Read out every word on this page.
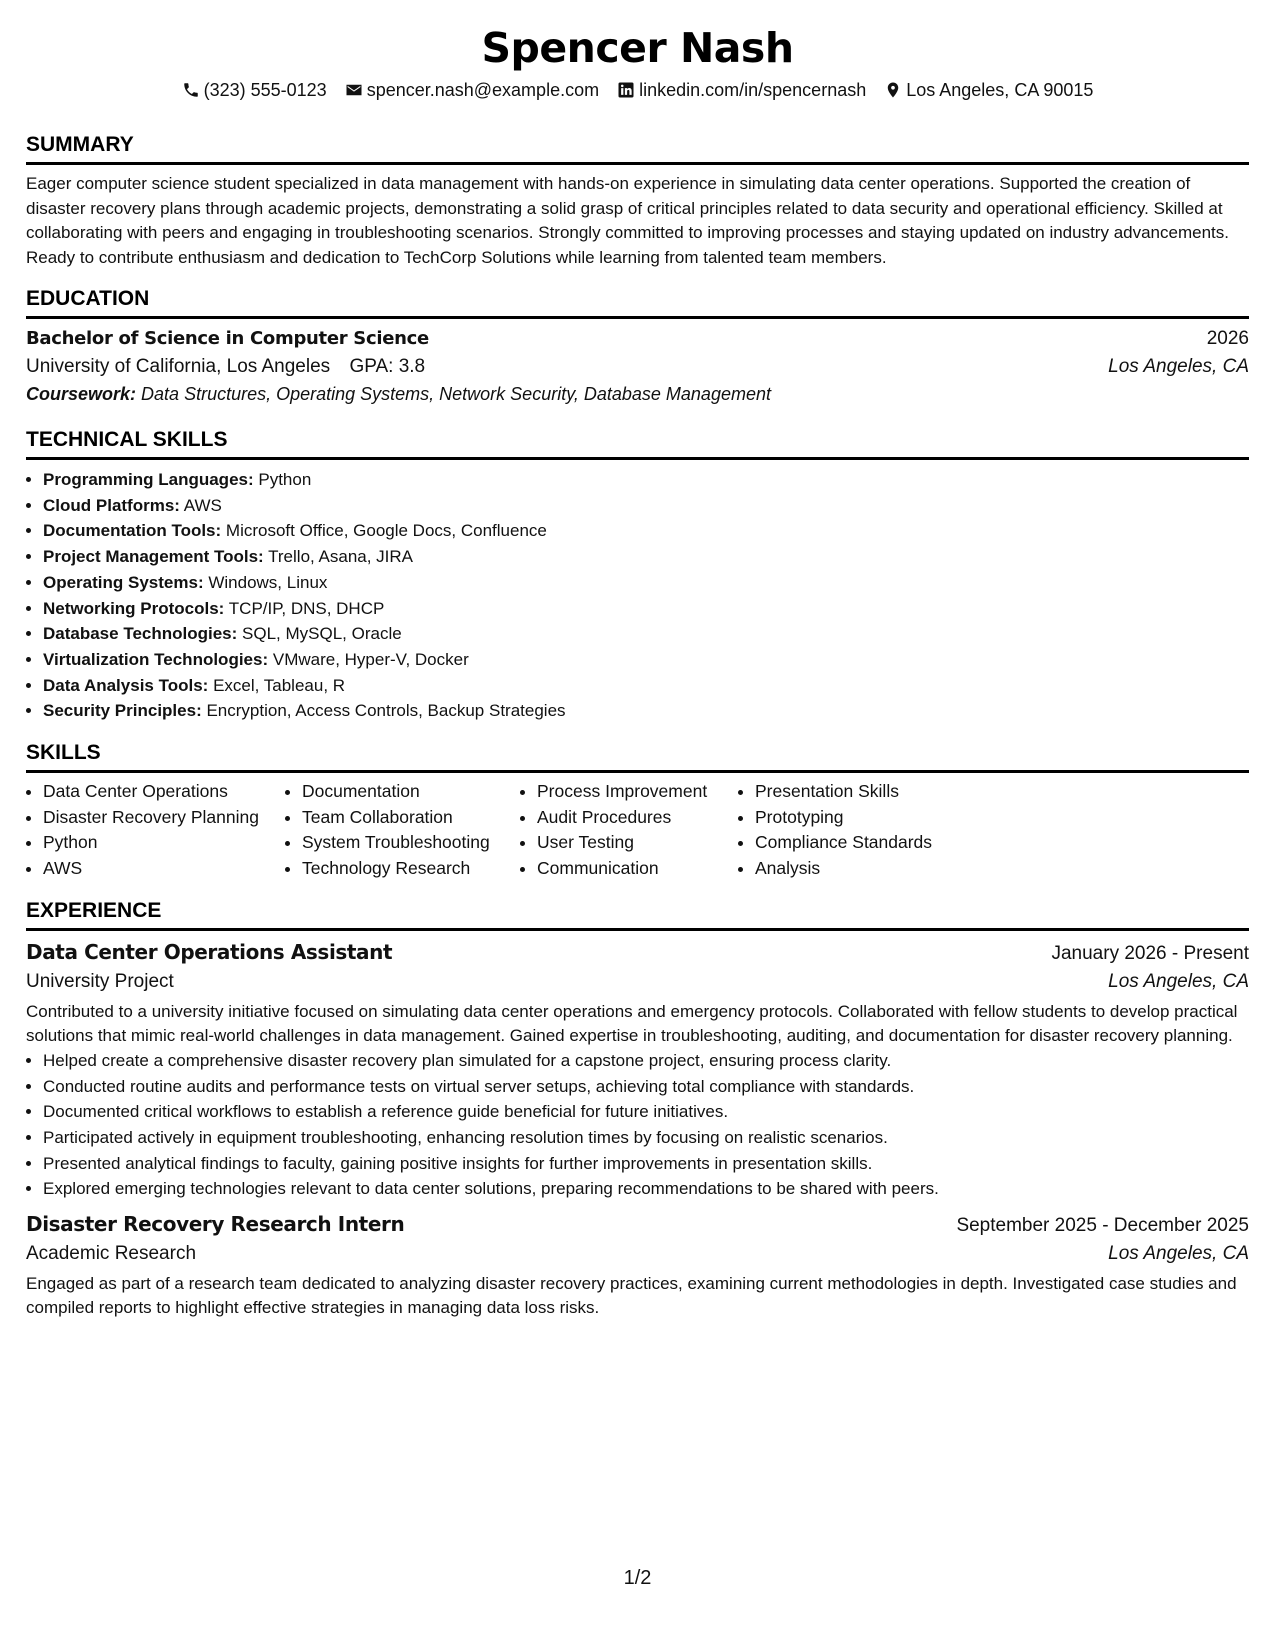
Spencer Nash
(323) 555-0123 spencer.nash@example.com linkedin.com/in/spencernash Los Angeles, CA 90015
SUMMARY
Eager computer science student specialized in data management with hands-on experience in simulating data center operations. Supported the creation of disaster recovery plans through academic projects, demonstrating a solid grasp of critical principles related to data security and operational efficiency. Skilled at collaborating with peers and engaging in troubleshooting scenarios. Strongly committed to improving processes and staying updated on industry advancements. Ready to contribute enthusiasm and dedication to TechCorp Solutions while learning from talented team members.
EDUCATION
Bachelor of Science in Computer Science	2026
University of California, Los Angeles GPA: 3.8	Los Angeles, CA
Coursework: Data Structures, Operating Systems, Network Security, Database Management
TECHNICAL SKILLS
• Programming Languages: Python
• Cloud Platforms: AWS
• Documentation Tools: Microsoft Office, Google Docs, Confluence
• Project Management Tools: Trello, Asana, JIRA
• Operating Systems: Windows, Linux
• Networking Protocols: TCP/IP, DNS, DHCP
• Database Technologies: SQL, MySQL, Oracle
• Virtualization Technologies: VMware, Hyper-V, Docker
• Data Analysis Tools: Excel, Tableau, R
• Security Principles: Encryption, Access Controls, Backup Strategies
SKILLS
• Data Center Operations
• Disaster Recovery Planning
• Python
• AWS
• Documentation
• Team Collaboration
• System Troubleshooting
• Technology Research
• Process Improvement
• Audit Procedures
• User Testing
• Communication
• Presentation Skills
• Prototyping
• Compliance Standards
• Analysis
EXPERIENCE
Data Center Operations Assistant	January 2026 - Present
University Project	Los Angeles, CA
Contributed to a university initiative focused on simulating data center operations and emergency protocols. Collaborated with fellow students to develop practical solutions that mimic real-world challenges in data management. Gained expertise in troubleshooting, auditing, and documentation for disaster recovery planning.
• Helped create a comprehensive disaster recovery plan simulated for a capstone project, ensuring process clarity.
• Conducted routine audits and performance tests on virtual server setups, achieving total compliance with standards.
• Documented critical workflows to establish a reference guide beneficial for future initiatives.
• Participated actively in equipment troubleshooting, enhancing resolution times by focusing on realistic scenarios.
• Presented analytical findings to faculty, gaining positive insights for further improvements in presentation skills.
• Explored emerging technologies relevant to data center solutions, preparing recommendations to be shared with peers.
Disaster Recovery Research Intern	September 2025 - December 2025
Academic Research	Los Angeles, CA
Engaged as part of a research team dedicated to analyzing disaster recovery practices, examining current methodologies in depth. Investigated case studies and compiled reports to highlight effective strategies in managing data loss risks.
1/2
